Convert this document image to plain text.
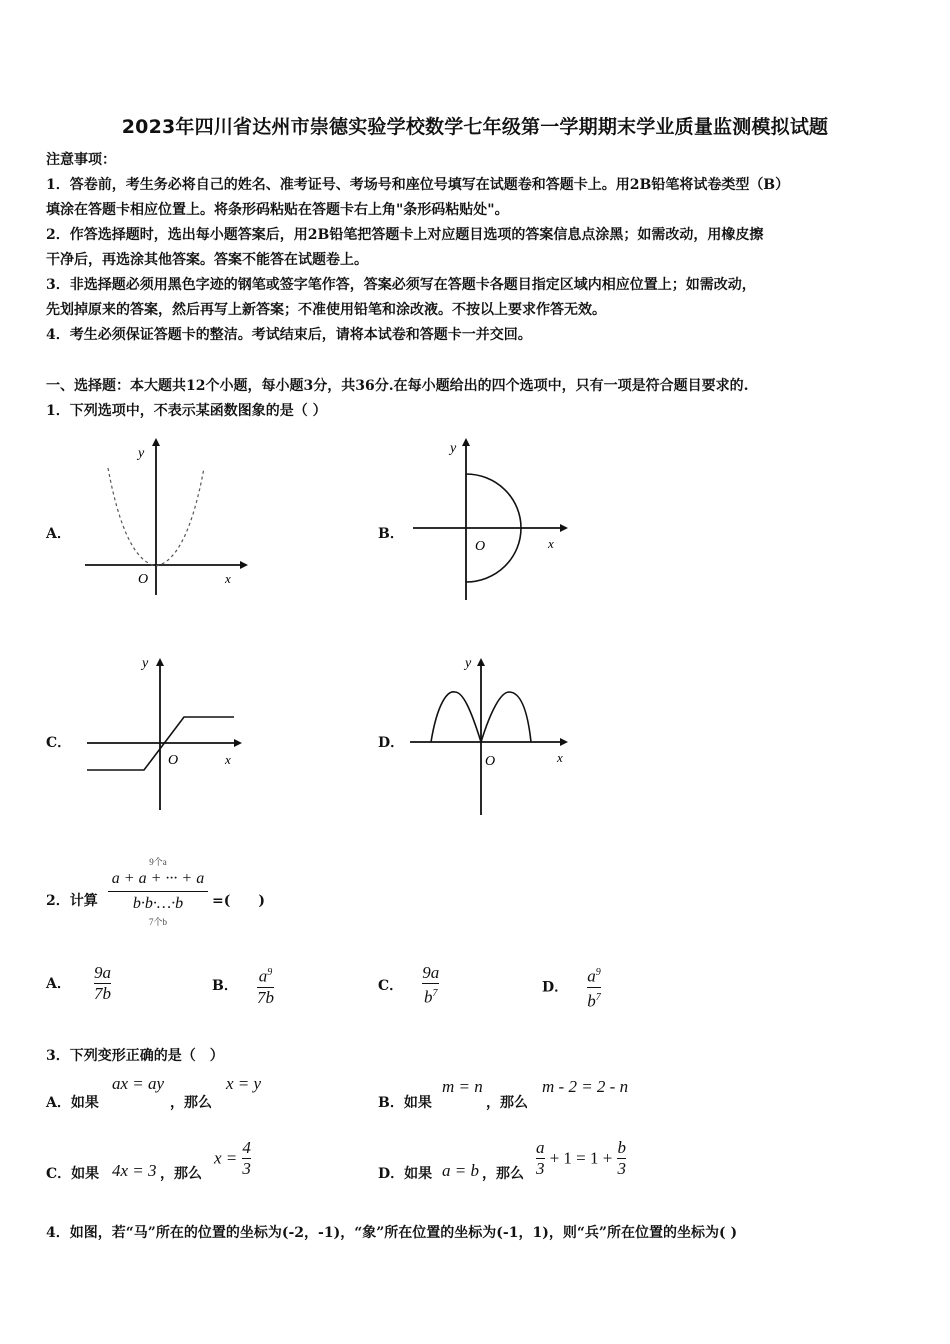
2023年四川省达州市崇德实验学校数学七年级第一学期期末学业质量监测模拟试题
注意事项：
1．答卷前，考生务必将自己的姓名、准考证号、考场号和座位号填写在试题卷和答题卡上。用2B铅笔将试卷类型（B）
填涂在答题卡相应位置上。将条形码粘贴在答题卡右上角"条形码粘贴处"。
2．作答选择题时，选出每小题答案后，用2B铅笔把答题卡上对应题目选项的答案信息点涂黑；如需改动，用橡皮擦
干净后，再选涂其他答案。答案不能答在试题卷上。
3．非选择题必须用黑色字迹的钢笔或签字笔作答，答案必须写在答题卡各题目指定区域内相应位置上；如需改动，
先划掉原来的答案，然后再写上新答案；不准使用铅笔和涂改液。不按以上要求作答无效。
4．考生必须保证答题卡的整洁。考试结束后，请将本试卷和答题卡一并交回。
一、选择题：本大题共12个小题，每小题3分，共36分.在每小题给出的四个选项中，只有一项是符合题目要求的.
1．下列选项中，不表示某函数图象的是（ ）
A．	B．
C．	D．
y
O	x
y
O	x
y
O	x
y
O	x
2．计算
9个a
a + a + ··· + a
b·b·…·b
7个b
=(　　)
A． $\frac{9a}{7b}$	B． $\frac{a^9}{7b}$	C． $\frac{9a}{b^7}$	D． $\frac{a^9}{b^7}$
3．下列变形正确的是（　）
A．如果
ax = ay
，那么
x = y
B．如果
m = n
，那么
m - 2 = 2 - n
C．如果 4x = 3 ，那么
$x = \frac{4}{3}$	D．如果 a = b ，那么 $\frac{a}{3} + 1 = 1 + \frac{b}{3}$
4．如图，若“马”所在的位置的坐标为(-2，-1)，“象”所在位置的坐标为(-1，1)，则“兵”所在位置的坐标为( )
